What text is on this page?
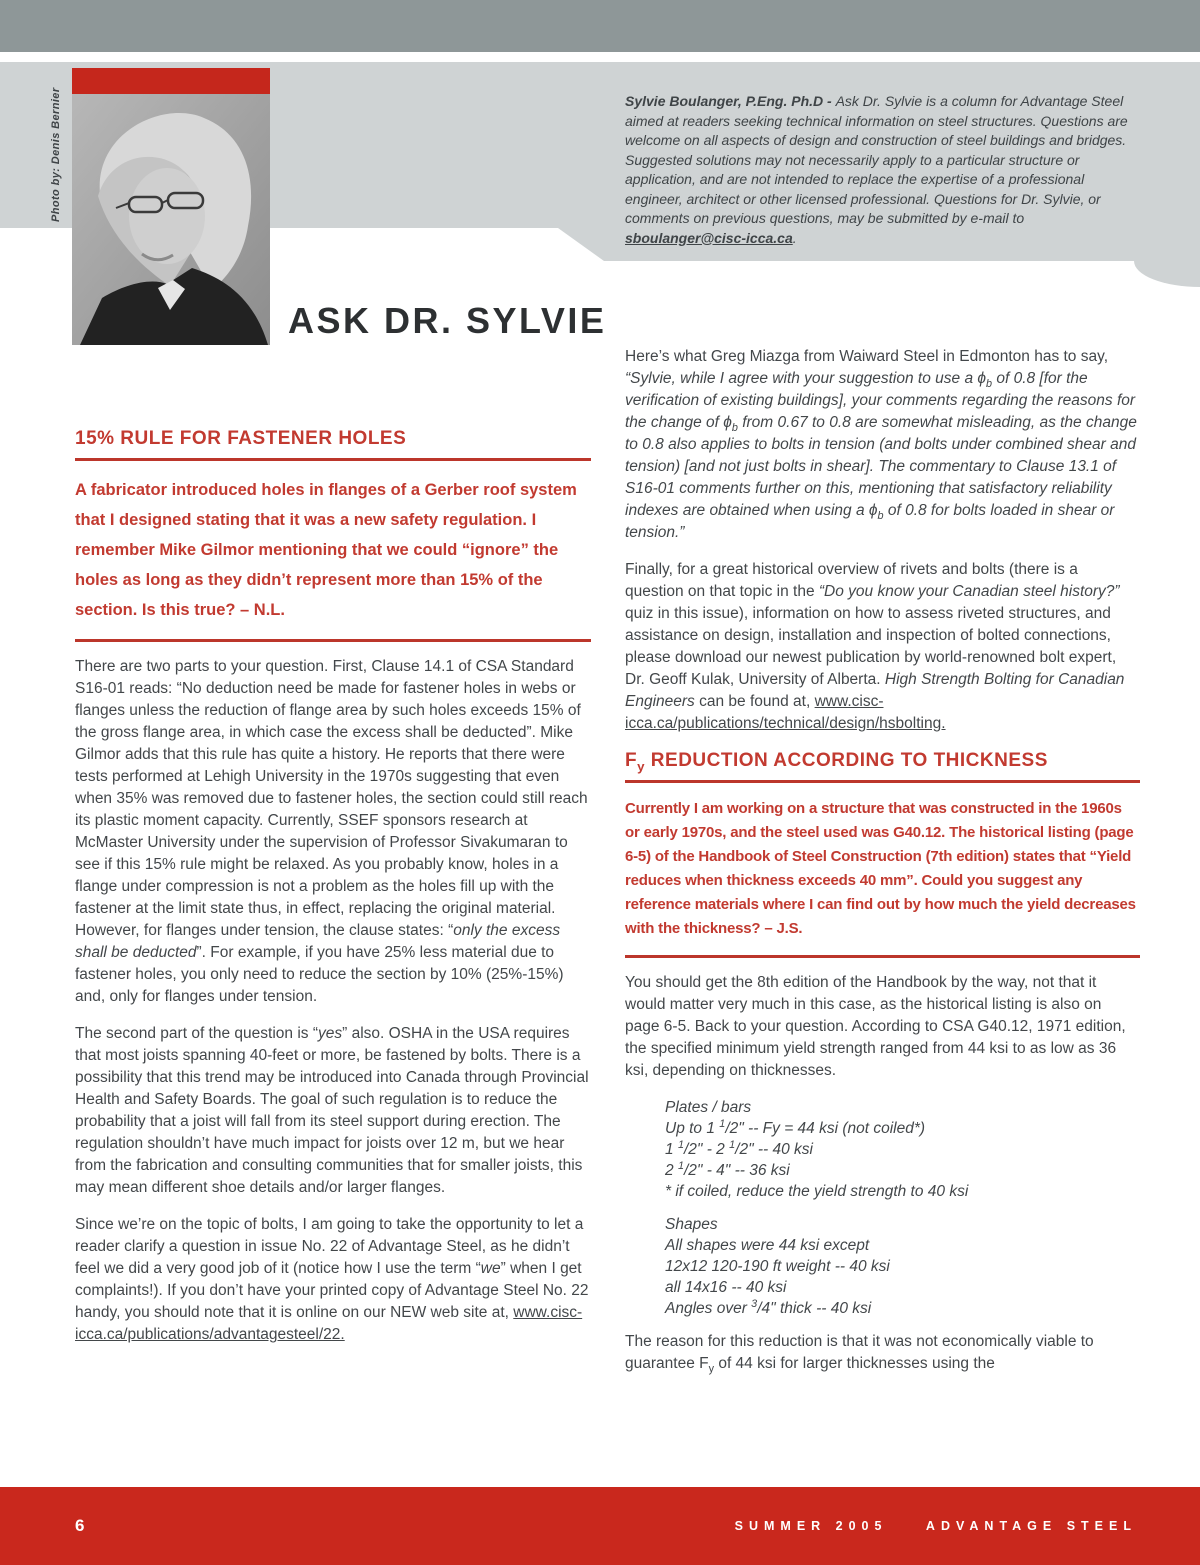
Photo by: Denis Bernier	Sylvie Boulanger, P.Eng. Ph.D - Ask Dr. Sylvie is a column for Advantage Steel aimed at readers seeking technical information on steel structures. Questions are welcome on all aspects of design and construction of steel buildings and bridges. Suggested solutions may not necessarily apply to a particular structure or application, and are not intended to replace the expertise of a professional engineer, architect or other licensed professional. Questions for Dr. Sylvie, or comments on previous questions, may be submitted by e-mail to sboulanger@cisc-icca.ca.
ASK DR. SYLVIE
15% RULE FOR FASTENER HOLES

A fabricator introduced holes in flanges of a Gerber roof system that I designed stating that it was a new safety regulation. I remember Mike Gilmor mentioning that we could “ignore” the holes as long as they didn’t represent more than 15% of the section. Is this true? – N.L.

There are two parts to your question. First, Clause 14.1 of CSA Standard S16-01 reads: “No deduction need be made for fastener holes in webs or flanges unless the reduction of flange area by such holes exceeds 15% of the gross flange area, in which case the excess shall be deducted”. Mike Gilmor adds that this rule has quite a history. He reports that there were tests performed at Lehigh University in the 1970s suggesting that even when 35% was removed due to fastener holes, the section could still reach its plastic moment capacity. Currently, SSEF sponsors research at McMaster University under the supervision of Professor Sivakumaran to see if this 15% rule might be relaxed. As you probably know, holes in a flange under compression is not a problem as the holes fill up with the fastener at the limit state thus, in effect, replacing the original material. However, for flanges under tension, the clause states: “only the excess shall be deducted”. For example, if you have 25% less material due to fastener holes, you only need to reduce the section by 10% (25%-15%) and, only for flanges under tension.

The second part of the question is “yes” also. OSHA in the USA requires that most joists spanning 40-feet or more, be fastened by bolts. There is a possibility that this trend may be introduced into Canada through Provincial Health and Safety Boards. The goal of such regulation is to reduce the probability that a joist will fall from its steel support during erection. The regulation shouldn’t have much impact for joists over 12 m, but we hear from the fabrication and consulting communities that for smaller joists, this may mean different shoe details and/or larger flanges.

Since we’re on the topic of bolts, I am going to take the opportunity to let a reader clarify a question in issue No. 22 of Advantage Steel, as he didn’t feel we did a very good job of it (notice how I use the term “we” when I get complaints!). If you don’t have your printed copy of Advantage Steel No. 22 handy, you should note that it is online on our NEW web site at, www.cisc-icca.ca/publications/advantagesteel/22.

Here’s what Greg Miazga from Waiward Steel in Edmonton has to say, “Sylvie, while I agree with your suggestion to use a $\phi_b$ of 0.8 [for the verification of existing buildings], your comments regarding the reasons for the change of $\phi_b$ from 0.67 to 0.8 are somewhat misleading, as the change to 0.8 also applies to bolts in tension (and bolts under combined shear and tension) [and not just bolts in shear]. The commentary to Clause 13.1 of S16-01 comments further on this, mentioning that satisfactory reliability indexes are obtained when using a $\phi_b$ of 0.8 for bolts loaded in shear or tension.”

Finally, for a great historical overview of rivets and bolts (there is a question on that topic in the “Do you know your Canadian steel history?” quiz in this issue), information on how to assess riveted structures, and assistance on design, installation and inspection of bolted connections, please download our newest publication by world-renowned bolt expert, Dr. Geoff Kulak, University of Alberta. High Strength Bolting for Canadian Engineers can be found at, www.cisc-icca.ca/publications/technical/design/hsbolting.

$F_y$ REDUCTION ACCORDING TO THICKNESS

Currently I am working on a structure that was constructed in the 1960s or early 1970s, and the steel used was G40.12. The historical listing (page 6-5) of the Handbook of Steel Construction (7th edition) states that “Yield reduces when thickness exceeds 40 mm”. Could you suggest any reference materials where I can find out by how much the yield decreases with the thickness? – J.S.

You should get the 8th edition of the Handbook by the way, not that it would matter very much in this case, as the historical listing is also on page 6-5. Back to your question. According to CSA G40.12, 1971 edition, the specified minimum yield strength ranged from 44 ksi to as low as 36 ksi, depending on thicknesses.

Plates / bars

Up to 1 $^1$/2" -- Fy = 44 ksi (not coiled*)

1 $^1$/2" - 2 $^1$/2" -- 40 ksi

2 $^1$/2" - 4" -- 36 ksi

* if coiled, reduce the yield strength to 40 ksi

Shapes

All shapes were 44 ksi except

12x12 120-190 ft weight -- 40 ksi

all 14x16 -- 40 ksi

Angles over $^3$/4" thick -- 40 ksi

The reason for this reduction is that it was not economically viable to guarantee $F_y$ of 44 ksi for larger thicknesses using the

6	SUMMER 2005	ADVANTAGE STEEL
